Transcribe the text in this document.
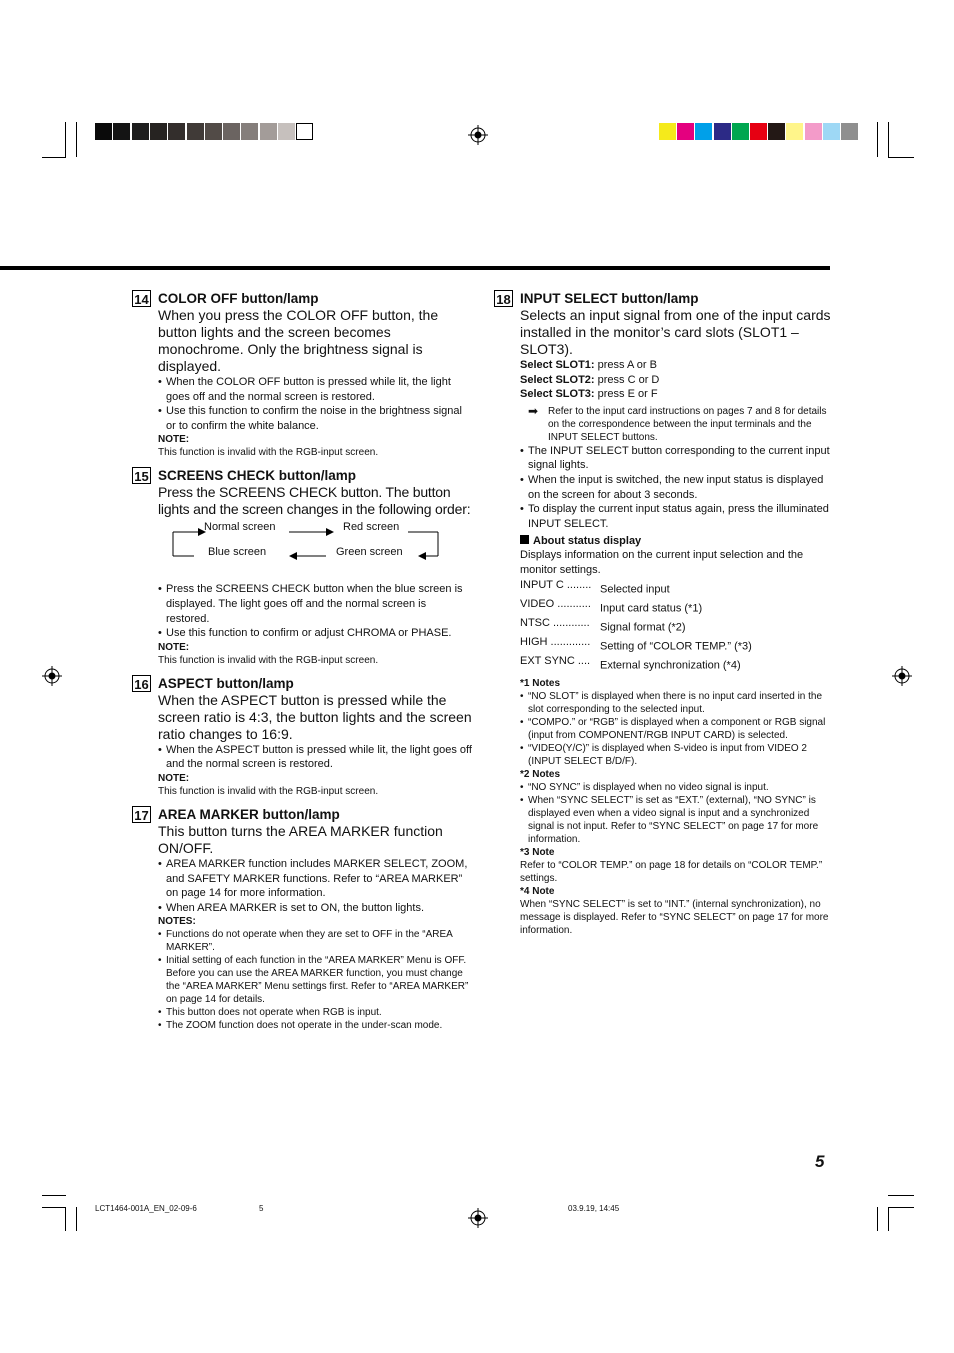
14 COLOR OFF button/lamp
When you press the COLOR OFF button, the button lights and the screen becomes monochrome. Only the brightness signal is displayed.
• When the COLOR OFF button is pressed while lit, the light goes off and the normal screen is restored.
• Use this function to confirm the noise in the brightness signal or to confirm the white balance.
NOTE:
This function is invalid with the RGB-input screen.
15 SCREENS CHECK button/lamp
Press the SCREENS CHECK button. The button lights and the screen changes in the following order:
Normal screen	Red screen
Blue screen	Green screen
• Press the SCREENS CHECK button when the blue screen is displayed. The light goes off and the normal screen is restored.
• Use this function to confirm or adjust CHROMA or PHASE.
NOTE:
This function is invalid with the RGB-input screen.
16 ASPECT button/lamp
When the ASPECT button is pressed while the screen ratio is 4:3, the button lights and the screen ratio changes to 16:9.
• When the ASPECT button is pressed while lit, the light goes off and the normal screen is restored.
NOTE:
This function is invalid with the RGB-input screen.
17 AREA MARKER button/lamp
This button turns the AREA MARKER function ON/OFF.
• AREA MARKER function includes MARKER SELECT, ZOOM, and SAFETY MARKER functions. Refer to “AREA MARKER” on page 14 for more information.
• When AREA MARKER is set to ON, the button lights.
NOTES:
• Functions do not operate when they are set to OFF in the “AREA MARKER”.
• Initial setting of each function in the “AREA MARKER” Menu is OFF. Before you can use the AREA MARKER function, you must change the “AREA MARKER” Menu settings first. Refer to “AREA MARKER” on page 14 for details.
• This button does not operate when RGB is input.
• The ZOOM function does not operate in the under-scan mode.
18 INPUT SELECT button/lamp
Selects an input signal from one of the input cards installed in the monitor’s card slots (SLOT1 – SLOT3).
Select SLOT1: press A or B
Select SLOT2: press C or D
Select SLOT3: press E or F
➡ Refer to the input card instructions on pages 7 and 8 for details on the correspondence between the input terminals and the INPUT SELECT buttons.
• The INPUT SELECT button corresponding to the current input signal lights.
• When the input is switched, the new input status is displayed on the screen for about 3 seconds.
• To display the current input status again, press the illuminated INPUT SELECT.
About status display
Displays information on the current input selection and the monitor settings.
INPUT C ........ Selected input
VIDEO ........... Input card status (*1)
NTSC ............ Signal format (*2)
HIGH ............. Setting of “COLOR TEMP.” (*3)
EXT SYNC .... External synchronization (*4)
*1 Notes
• “NO SLOT” is displayed when there is no input card inserted in the slot corresponding to the selected input.
• “COMPO.” or “RGB” is displayed when a component or RGB signal (input from COMPONENT/RGB INPUT CARD) is selected.
• “VIDEO(Y/C)” is displayed when S-video is input from VIDEO 2 (INPUT SELECT B/D/F).
*2 Notes
• “NO SYNC” is displayed when no video signal is input.
• When “SYNC SELECT” is set as “EXT.” (external), “NO SYNC” is displayed even when a video signal is input and a synchronized signal is not input. Refer to “SYNC SELECT” on page 17 for more information.
*3 Note
Refer to “COLOR TEMP.” on page 18 for details on “COLOR TEMP.” settings.
*4 Note
When “SYNC SELECT” is set to “INT.” (internal synchronization), no message is displayed. Refer to “SYNC SELECT” on page 17 for more information.
5
LCT1464-001A_EN_02-09-6	5	03.9.19, 14:45
